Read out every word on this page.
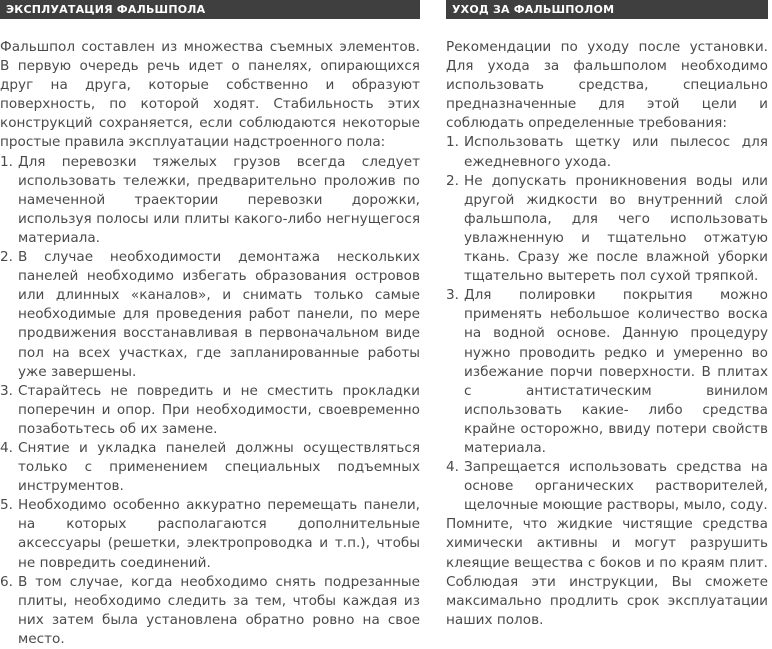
ЭКСПЛУАТАЦИЯ ФАЛЬШПОЛА

Фальшпол составлен из множества съемных элементов. В первую очередь речь идет о панелях, опирающихся друг на друга, которые собственно и образуют поверхность, по которой ходят. Стабильность этих конструкций сохраняется, если соблюдаются некоторые простые правила эксплуатации надстроенного пола:

1. Для перевозки тяжелых грузов всегда следует использовать тележки, предварительно проложив по намеченной траектории перевозки дорожки, используя полосы или плиты какого-либо негнущегося материала.
2. В случае необходимости демонтажа нескольких панелей необходимо избегать образования островов или длинных «каналов», и снимать только самые необходимые для проведения работ панели, по мере продвижения восстанавливая в первоначальном виде пол на всех участках, где запланированные работы уже завершены.
3. Старайтесь не повредить и не сместить прокладки поперечин и опор. При необходимости, своевременно позаботьтесь об их замене.
4. Снятие и укладка панелей должны осуществляться только с применением специальных подъемных инструментов.
5. Необходимо особенно аккуратно перемещать панели, на которых располагаются дополнительные аксессуары (решетки, электропроводка и т.п.), чтобы не повредить соединений.
6. В том случае, когда необходимо снять подрезанные плиты, необходимо следить за тем, чтобы каждая из них затем была установлена обратно ровно на свое место.
УХОД ЗА ФАЛЬШПОЛОМ

Рекомендации по уходу после установки. Для ухода за фальшполом необходимо использовать средства, специально предназначенные для этой цели и соблюдать определенные требования:

1. Использовать щетку или пылесос для ежедневного ухода.
2. Не допускать проникновения воды или другой жидкости во внутренний слой фальшпола, для чего использовать увлажненную и тщательно отжатую ткань. Сразу же после влажной уборки тщательно вытереть пол сухой тряпкой.
3. Для полировки покрытия можно применять небольшое количество воска на водной основе. Данную процедуру нужно проводить редко и умеренно во избежание порчи поверхности. В плитах с антистатическим винилом использовать какие- либо средства крайне осторожно, ввиду потери свойств материала.
4. Запрещается использовать средства на основе органических растворителей, щелочные моющие растворы, мыло, соду.

Помните, что жидкие чистящие средства химически активны и могут разрушить клеящие вещества с боков и по краям плит. Соблюдая эти инструкции, Вы сможете максимально продлить срок эксплуатации наших полов.
